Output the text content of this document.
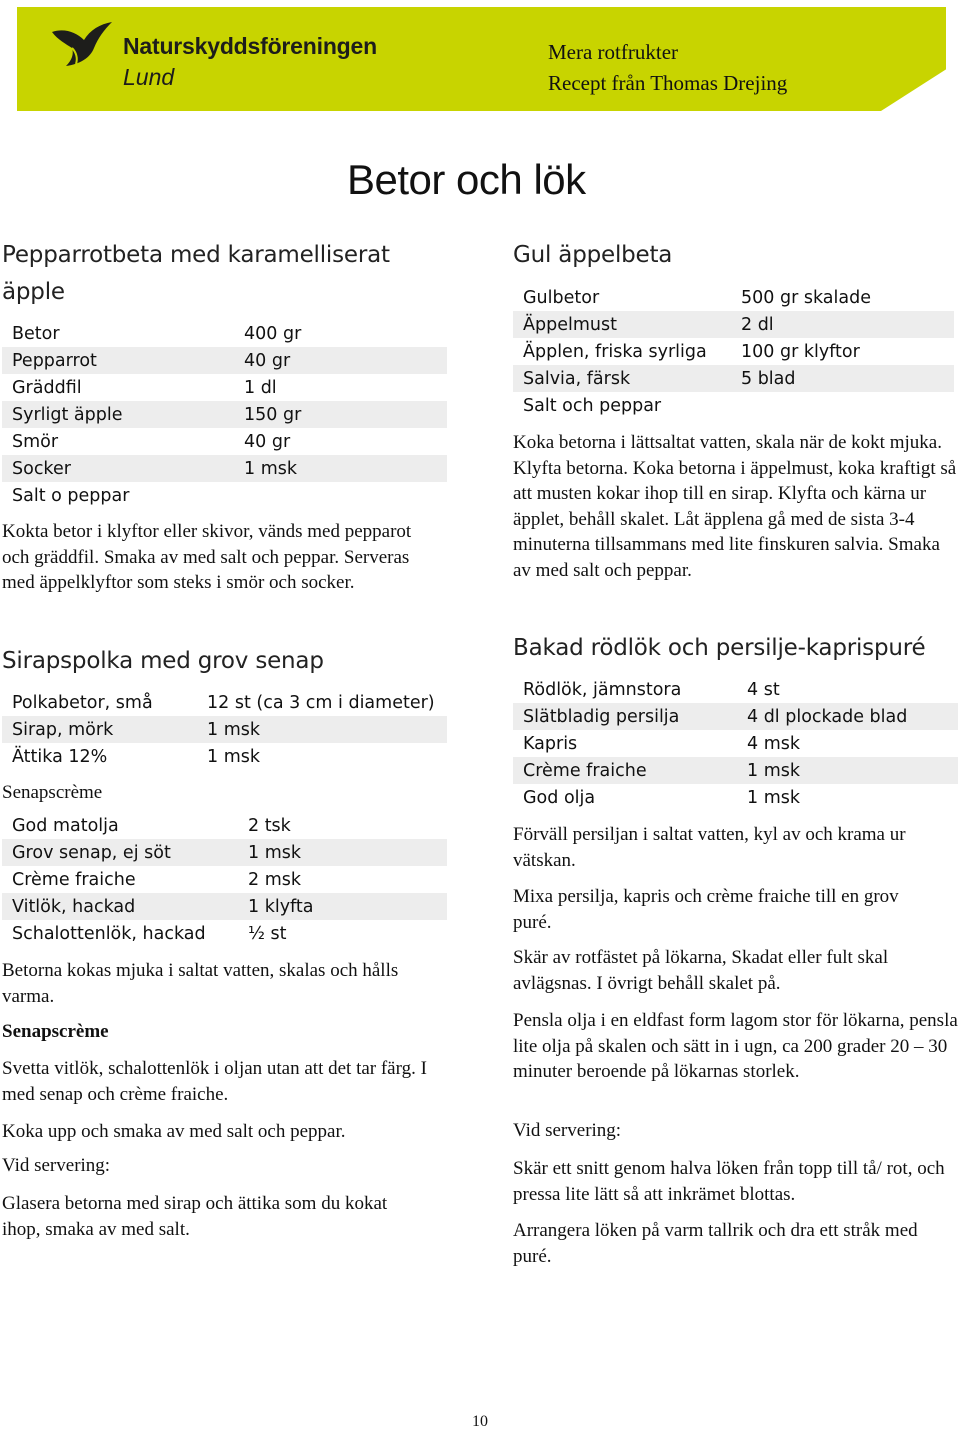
Naturskyddsföreningen
Lund
Mera rotfrukter
Recept från Thomas Drejing
Betor och lök
Pepparrotbeta med karamelliserat
äpple
Betor	400 gr
Pepparrot	40 gr
Gräddfil	1 dl
Syrligt äpple	150 gr
Smör	40 gr
Socker	1 msk
Salt o peppar	

Kokta betor i klyftor eller skivor, vänds med pepparot och gräddfil. Smaka av med salt och peppar. Serveras med äppelklyftor som steks i smör och socker.

Sirapspolka med grov senap
Polkabetor, små	12 st (ca 3 cm i diameter)
Sirap, mörk	1 msk
Ättika 12%	1 msk
Senapscrème
God matolja	2 tsk
Grov senap, ej söt	1 msk
Crème fraiche	2 msk
Vitlök, hackad	1 klyfta
Schalottenlök, hackad	½ st

Betorna kokas mjuka i saltat vatten, skalas och hålls varma.

Senapscrème

Svetta vitlök, schalottenlök i oljan utan att det tar färg. I med senap och crème fraiche.

Koka upp och smaka av med salt och peppar.

Vid servering:

Glasera betorna med sirap och ättika som du kokat ihop, smaka av med salt.

Gul äppelbeta
Gulbetor	500 gr skalade
Äppelmust	2 dl
Äpplen, friska syrliga	100 gr klyftor
Salvia, färsk	5 blad
Salt och peppar	

Koka betorna i lättsaltat vatten, skala när de kokt mjuka. Klyfta betorna. Koka betorna i äppelmust, koka kraftigt så att musten kokar ihop till en sirap. Klyfta och kärna ur äpplet, behåll skalet. Låt äpplena gå med de sista 3-4 minuterna tillsammans med lite finskuren salvia. Smaka av med salt och peppar.

Bakad rödlök och persilje-kaprispuré
Rödlök, jämnstora	4 st
Slätbladig persilja	4 dl plockade blad
Kapris	4 msk
Crème fraiche	1 msk
God olja	1 msk

Förväll persiljan i saltat vatten, kyl av och krama ur vätskan.

Mixa persilja, kapris och crème fraiche till en grov puré.

Skär av rotfästet på lökarna, Skadat eller fult skal avlägsnas. I övrigt behåll skalet på.

Pensla olja i en eldfast form lagom stor för lökarna, pensla lite olja på skalen och sätt in i ugn, ca 200 grader 20 – 30 minuter beroende på lökarnas storlek.

Vid servering:

Skär ett snitt genom halva löken från topp till tå/ rot, och pressa lite lätt så att inkrämet blottas.

Arrangera löken på varm tallrik och dra ett stråk med puré.

10
